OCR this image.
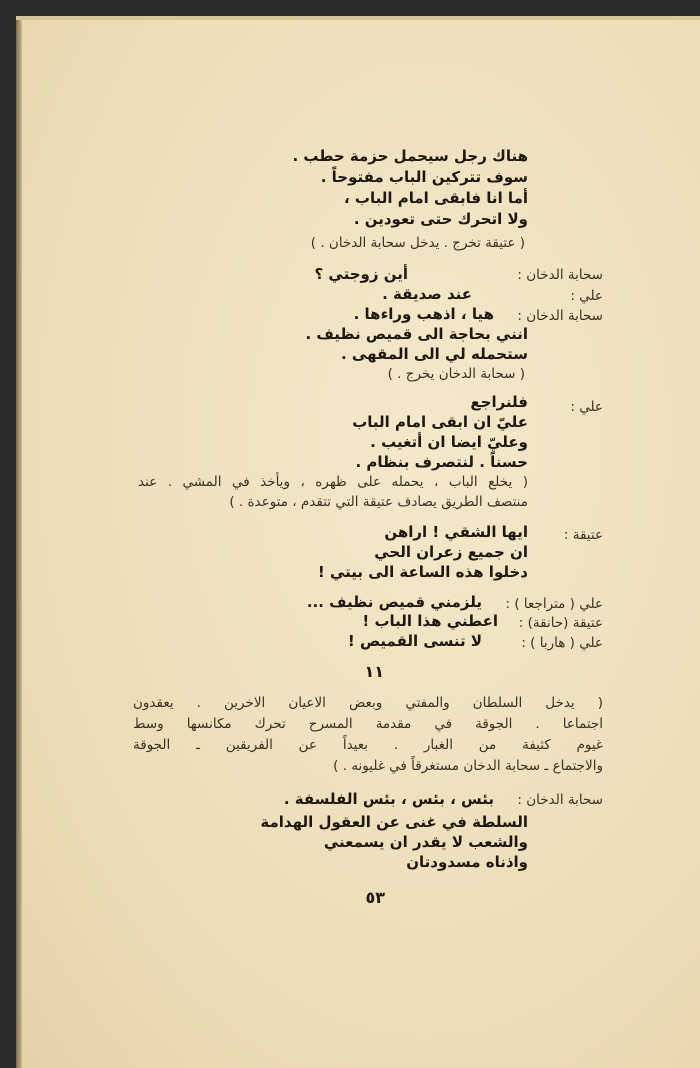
هناك رجل سيحمل حزمة حطب .
سوف تتركين الباب مفتوحاً .
أما انا فابقى امام الباب ،
ولا اتحرك حتى تعودين .
( عتيقة تخرج . يدخل سحابة الدخان . )
سحابة الدخان :
أين زوجتي ؟
علي :
عند صديقة .
سحابة الدخان :
هيا ، اذهب وراءها .
انني بحاجة الى قميص نظيف .
ستحمله لي الى المقهى .
( سحابة الدخان يخرج . )
علي :
فلنراجع
عليّ ان ابقى امام الباب
وعليّ ايضا ان أتغيب .
حسناً . لنتصرف بنظام .
( يخلع الباب ، يحمله على ظهره ، ويأخذ في المشي . عند
منتصف الطريق يصادف عتيقة التي تتقدم ، متوعدة . )
عتيقة :
ايها الشقي ! اراهن
ان جميع زعران الحي
دخلوا هذه الساعة الى بيتي !
علي ( متراجعا ) :
يلزمني قميص نظيف ...
عتيقة (حانقة) :
اعطني هذا الباب !
علي ( هاربا ) :
لا تنسى القميص !
١١
( يدخل السلطان والمفتي وبعض الاعيان الاخرين . يعقدون
اجتماعا . الجوقة في مقدمة المسرح تحرك مكانسها وسط
غيوم كثيفة من الغبار . بعيداً عن الفريقين ـ الجوقة
والاجتماع ـ سحابة الدخان مستغرقاً في غليونه . )
سحابة الدخان :
بئس ، بئس ، بئس الفلسفة .
السلطة في غنى عن العقول الهدامة
والشعب لا يقدر ان يسمعني
واذناه مسدودتان
٥٣
